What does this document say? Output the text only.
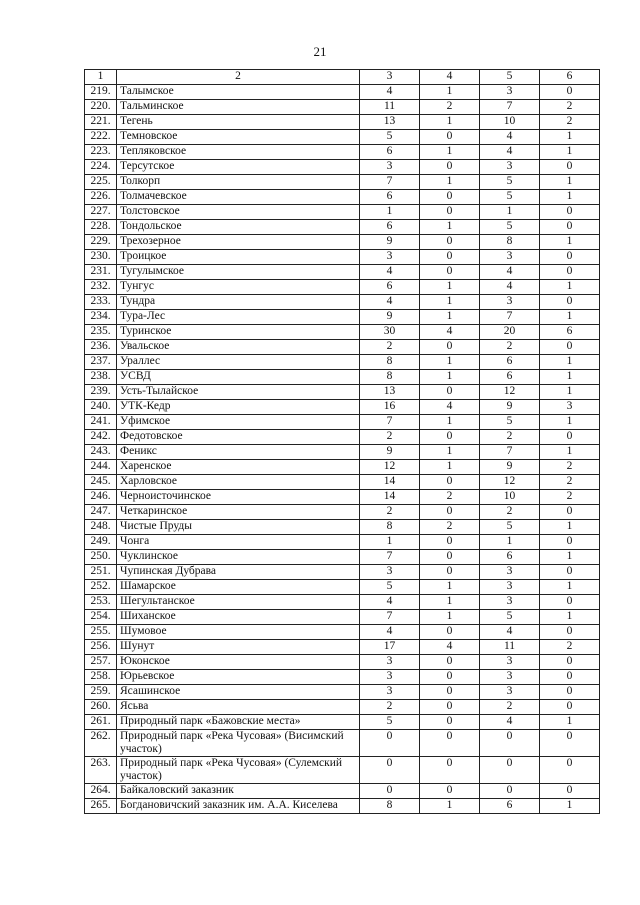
21
1	2	3	4	5	6
219.	Талымское	4	1	3	0
220.	Тальминское	11	2	7	2
221.	Тегень	13	1	10	2
222.	Темновское	5	0	4	1
223.	Тепляковское	6	1	4	1
224.	Терсутское	3	0	3	0
225.	Толкорп	7	1	5	1
226.	Толмачевское	6	0	5	1
227.	Толстовское	1	0	1	0
228.	Тондольское	6	1	5	0
229.	Трехозерное	9	0	8	1
230.	Троицкое	3	0	3	0
231.	Тугулымское	4	0	4	0
232.	Тунгус	6	1	4	1
233.	Тундра	4	1	3	0
234.	Тура-Лес	9	1	7	1
235.	Туринское	30	4	20	6
236.	Увальское	2	0	2	0
237.	Ураллес	8	1	6	1
238.	УСВД	8	1	6	1
239.	Усть-Тылайское	13	0	12	1
240.	УТК-Кедр	16	4	9	3
241.	Уфимское	7	1	5	1
242.	Федотовское	2	0	2	0
243.	Феникс	9	1	7	1
244.	Харенское	12	1	9	2
245.	Харловское	14	0	12	2
246.	Черноисточинское	14	2	10	2
247.	Четкаринское	2	0	2	0
248.	Чистые Пруды	8	2	5	1
249.	Чонга	1	0	1	0
250.	Чуклинское	7	0	6	1
251.	Чупинская Дубрава	3	0	3	0
252.	Шамарское	5	1	3	1
253.	Шегультанское	4	1	3	0
254.	Шиханское	7	1	5	1
255.	Шумовое	4	0	4	0
256.	Шунут	17	4	11	2
257.	Юконское	3	0	3	0
258.	Юрьевское	3	0	3	0
259.	Ясашинское	3	0	3	0
260.	Ясьва	2	0	2	0
261.	Природный парк «Бажовские места»	5	0	4	1
262.	Природный парк «Река Чусовая» (Висимский участок)	0	0	0	0
263.	Природный парк «Река Чусовая» (Сулемский участок)	0	0	0	0
264.	Байкаловский заказник	0	0	0	0
265.	Богдановичский заказник им. А.А. Киселева	8	1	6	1
